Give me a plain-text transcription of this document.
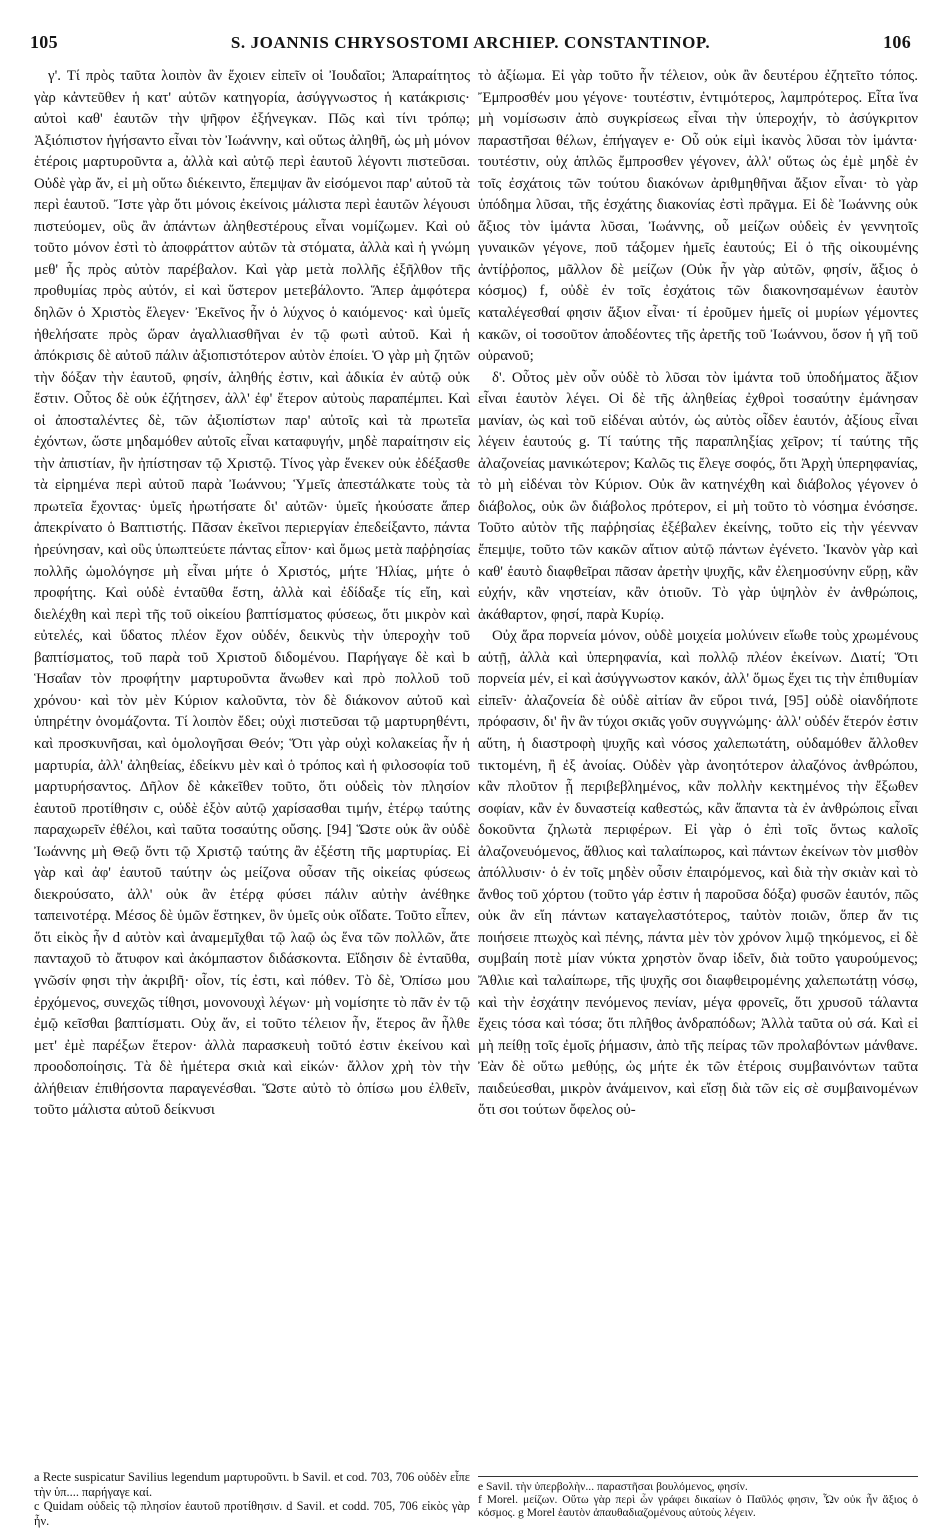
105	S. JOANNIS CHRYSOSTOMI ARCHIEP. CONSTANTINOP.	106

γ'. Τί πρὸς ταῦτα λοιπὸν ἂν ἔχοιεν εἰπεῖν οἱ Ἰουδαῖοι; Ἀπαραίτητος γὰρ κἀντεῦθεν ἡ κατ' αὐτῶν κατηγορία, ἀσύγγνωστος ἡ κατάκρισις· αὐτοὶ καθ' ἑαυτῶν τὴν ψῆφον ἐξήνεγκαν. Πῶς καὶ τίνι τρόπῳ; Ἀξιόπιστον ἡγήσαντο εἶναι τὸν Ἰωάννην, καὶ οὕτως ἀληθῆ, ὡς μὴ μόνον ἑτέροις μαρτυροῦντα a, ἀλλὰ καὶ αὐτῷ περὶ ἑαυτοῦ λέγοντι πιστεῦσαι. Οὐδὲ γὰρ ἄν, εἰ μὴ οὕτω διέκειντο, ἔπεμψαν ἂν εἰσόμενοι παρ' αὐτοῦ τὰ περὶ ἑαυτοῦ. Ἴστε γὰρ ὅτι μόνοις ἐκείνοις μάλιστα περὶ ἑαυτῶν λέγουσι πιστεύομεν, οὓς ἂν ἁπάντων ἀληθεστέρους εἶναι νομίζωμεν. Καὶ οὐ τοῦτο μόνον ἐστὶ τὸ ἀποφράττον αὐτῶν τὰ στόματα, ἀλλὰ καὶ ἡ γνώμη μεθ' ἧς πρὸς αὐτὸν παρέβαλον. Καὶ γὰρ μετὰ πολλῆς ἐξῆλθον τῆς προθυμίας πρὸς αὐτόν, εἰ καὶ ὕστερον μετεβάλοντο. Ἅπερ ἀμφότερα δηλῶν ὁ Χριστὸς ἔλεγεν· Ἐκεῖνος ἦν ὁ λύχνος ὁ καιόμενος· καὶ ὑμεῖς ἠθελήσατε πρὸς ὥραν ἀγαλλιασθῆναι ἐν τῷ φωτὶ αὐτοῦ. Καὶ ἡ ἀπόκρισις δὲ αὐτοῦ πάλιν ἀξιοπιστότερον αὐτὸν ἐποίει. Ὁ γὰρ μὴ ζητῶν τὴν δόξαν τὴν ἑαυτοῦ, φησίν, ἀληθής ἐστιν, καὶ ἀδικία ἐν αὐτῷ οὐκ ἔστιν. Οὗτος δὲ οὐκ ἐζήτησεν, ἀλλ' ἐφ' ἕτερον αὐτοὺς παραπέμπει. Καὶ οἱ ἀποσταλέντες δὲ, τῶν ἀξιοπίστων παρ' αὐτοῖς καὶ τὰ πρωτεῖα ἐχόντων, ὥστε μηδαμόθεν αὐτοῖς εἶναι καταφυγήν, μηδὲ παραίτησιν εἰς τὴν ἀπιστίαν, ἣν ἠπίστησαν τῷ Χριστῷ. Τίνος γὰρ ἕνεκεν οὐκ ἐδέξασθε τὰ εἰρημένα περὶ αὐτοῦ παρὰ Ἰωάννου; Ὑμεῖς ἀπεστάλκατε τοὺς τὰ πρωτεῖα ἔχοντας· ὑμεῖς ἠρωτήσατε δι' αὐτῶν· ὑμεῖς ἠκούσατε ἅπερ ἀπεκρίνατο ὁ Βαπτιστής. Πᾶσαν ἐκεῖνοι περιεργίαν ἐπεδείξαντο, πάντα ἠρεύνησαν, καὶ οὓς ὑπωπτεύετε πάντας εἶπον· καὶ ὅμως μετὰ παῤῥησίας πολλῆς ὡμολόγησε μὴ εἶναι μήτε ὁ Χριστός, μήτε Ἠλίας, μήτε ὁ προφήτης. Καὶ οὐδὲ ἐνταῦθα ἔστη, ἀλλὰ καὶ ἐδίδαξε τίς εἴη, καὶ διελέχθη καὶ περὶ τῆς τοῦ οἰκείου βαπτίσματος φύσεως, ὅτι μικρὸν καὶ εὐτελές, καὶ ὕδατος πλέον ἔχον οὐδέν, δεικνὺς τὴν ὑπεροχὴν τοῦ βαπτίσματος, τοῦ παρὰ τοῦ Χριστοῦ διδομένου. Παρήγαγε δὲ καὶ b Ἡσαΐαν τὸν προφήτην μαρτυροῦντα ἄνωθεν καὶ πρὸ πολλοῦ τοῦ χρόνου· καὶ τὸν μὲν Κύριον καλοῦντα, τὸν δὲ διάκονον αὐτοῦ καὶ ὑπηρέτην ὀνομάζοντα. Τί λοιπὸν ἔδει; οὐχὶ πιστεῦσαι τῷ μαρτυρηθέντι, καὶ προσκυνῆσαι, καὶ ὁμολογῆσαι Θεόν; Ὅτι γὰρ οὐχὶ κολακείας ἦν ἡ μαρτυρία, ἀλλ' ἀληθείας, ἐδείκνυ μὲν καὶ ὁ τρόπος καὶ ἡ φιλοσοφία τοῦ μαρτυρήσαντος. Δῆλον δὲ κἀκεῖθεν τοῦτο, ὅτι οὐδεὶς τὸν πλησίον ἑαυτοῦ προτίθησιν c, οὐδὲ ἐξὸν αὐτῷ χαρίσασθαι τιμήν, ἑτέρῳ ταύτης παραχωρεῖν ἐθέλοι, καὶ ταῦτα τοσαύτης οὔσης. [94] Ὥστε οὐκ ἂν οὐδὲ Ἰωάννης μὴ Θεῷ ὄντι τῷ Χριστῷ ταύτης ἂν ἐξέστη τῆς μαρτυρίας. Εἰ γὰρ καὶ ἀφ' ἑαυτοῦ ταύτην ὡς μείζονα οὖσαν τῆς οἰκείας φύσεως διεκρούσατο, ἀλλ' οὐκ ἂν ἑτέρᾳ φύσει πάλιν αὐτὴν ἀνέθηκε ταπεινοτέρᾳ. Μέσος δὲ ὑμῶν ἕστηκεν, ὃν ὑμεῖς οὐκ οἴδατε. Τοῦτο εἶπεν, ὅτι εἰκὸς ἦν d αὐτὸν καὶ ἀναμεμῖχθαι τῷ λαῷ ὡς ἕνα τῶν πολλῶν, ἅτε πανταχοῦ τὸ ἄτυφον καὶ ἀκόμπαστον διδάσκοντα. Εἴδησιν δὲ ἐνταῦθα, γνῶσίν φησι τὴν ἀκριβῆ· οἷον, τίς ἐστι, καὶ πόθεν. Τὸ δὲ, Ὀπίσω μου ἐρχόμενος, συνεχῶς τίθησι, μονονουχὶ λέγων· μὴ νομίσητε τὸ πᾶν ἐν τῷ ἐμῷ κεῖσθαι βαπτίσματι. Οὐχ ἄν, εἰ τοῦτο τέλειον ἦν, ἕτερος ἂν ἦλθε μετ' ἐμὲ παρέξων ἕτερον· ἀλλὰ παρασκευὴ τοῦτό ἐστιν ἐκείνου καὶ προοδοποίησις. Τὰ δὲ ἡμέτερα σκιὰ καὶ εἰκών· ἄλλον χρὴ τὸν τὴν ἀλήθειαν ἐπιθήσοντα παραγενέσθαι. Ὥστε αὐτὸ τὸ ὀπίσω μου ἐλθεῖν, τοῦτο μάλιστα αὐτοῦ δείκνυσι

τὸ ἀξίωμα. Εἰ γὰρ τοῦτο ἦν τέλειον, οὐκ ἂν δευτέρου ἐζητεῖτο τόπος. Ἔμπροσθέν μου γέγονε· τουτέστιν, ἐντιμότερος, λαμπρότερος. Εἶτα ἵνα μὴ νομίσωσιν ἀπὸ συγκρίσεως εἶναι τὴν ὑπεροχήν, τὸ ἀσύγκριτον παραστῆσαι θέλων, ἐπήγαγεν e· Οὗ οὐκ εἰμὶ ἱκανὸς λῦσαι τὸν ἱμάντα· τουτέστιν, οὐχ ἁπλῶς ἔμπροσθεν γέγονεν, ἀλλ' οὕτως ὡς ἐμὲ μηδὲ ἐν τοῖς ἐσχάτοις τῶν τούτου διακόνων ἀριθμηθῆναι ἄξιον εἶναι· τὸ γὰρ ὑπόδημα λῦσαι, τῆς ἐσχάτης διακονίας ἐστὶ πρᾶγμα. Εἰ δὲ Ἰωάννης οὐκ ἄξιος τὸν ἱμάντα λῦσαι, Ἰωάννης, οὗ μείζων οὐδεὶς ἐν γεννητοῖς γυναικῶν γέγονε, ποῦ τάξομεν ἡμεῖς ἑαυτούς; Εἰ ὁ τῆς οἰκουμένης ἀντίῤῥοπος, μᾶλλον δὲ μείζων (Οὐκ ἦν γὰρ αὐτῶν, φησίν, ἄξιος ὁ κόσμος) f, οὐδὲ ἐν τοῖς ἐσχάτοις τῶν διακονησαμένων ἑαυτὸν καταλέγεσθαί φησιν ἄξιον εἶναι· τί ἐροῦμεν ἡμεῖς οἱ μυρίων γέμοντες κακῶν, οἱ τοσοῦτον ἀποδέοντες τῆς ἀρετῆς τοῦ Ἰωάννου, ὅσον ἡ γῆ τοῦ οὐρανοῦ;

δ'. Οὗτος μὲν οὖν οὐδὲ τὸ λῦσαι τὸν ἱμάντα τοῦ ὑποδήματος ἄξιον εἶναι ἑαυτὸν λέγει. Οἱ δὲ τῆς ἀληθείας ἐχθροὶ τοσαύτην ἐμάνησαν μανίαν, ὡς καὶ τοῦ εἰδέναι αὐτόν, ὡς αὐτὸς οἶδεν ἑαυτόν, ἀξίους εἶναι λέγειν ἑαυτούς g. Τί ταύτης τῆς παραπληξίας χεῖρον; τί ταύτης τῆς ἀλαζονείας μανικώτερον; Καλῶς τις ἔλεγε σοφός, ὅτι Ἀρχὴ ὑπερηφανίας, τὸ μὴ εἰδέναι τὸν Κύριον. Οὐκ ἂν κατηνέχθη καὶ διάβολος γέγονεν ὁ διάβολος, οὐκ ὢν διάβολος πρότερον, εἰ μὴ τοῦτο τὸ νόσημα ἐνόσησε. Τοῦτο αὐτὸν τῆς παῤῥησίας ἐξέβαλεν ἐκείνης, τοῦτο εἰς τὴν γέενναν ἔπεμψε, τοῦτο τῶν κακῶν αἴτιον αὐτῷ πάντων ἐγένετο. Ἱκανὸν γὰρ καὶ καθ' ἑαυτὸ διαφθεῖραι πᾶσαν ἀρετὴν ψυχῆς, κἂν ἐλεημοσύνην εὕρῃ, κἂν εὐχήν, κἂν νηστείαν, κἂν ὁτιοῦν. Τὸ γὰρ ὑψηλὸν ἐν ἀνθρώποις, ἀκάθαρτον, φησί, παρὰ Κυρίῳ.

Οὐχ ἅρα πορνεία μόνον, οὐδὲ μοιχεία μολύνειν εἴωθε τοὺς χρωμένους αὐτῇ, ἀλλὰ καὶ ὑπερηφανία, καὶ πολλῷ πλέον ἐκείνων. Διατί; Ὅτι πορνεία μέν, εἰ καὶ ἀσύγγνωστον κακόν, ἀλλ' ὅμως ἔχει τις τὴν ἐπιθυμίαν εἰπεῖν· ἀλαζονεία δὲ οὐδὲ αἰτίαν ἂν εὕροι τινά, [95] οὐδὲ οἱανδήποτε πρόφασιν, δι' ἣν ἂν τύχοι σκιᾶς γοῦν συγγνώμης· ἀλλ' οὐδέν ἕτερόν ἐστιν αὕτη, ἡ διαστροφὴ ψυχῆς καὶ νόσος χαλεπωτάτη, οὐδαμόθεν ἄλλοθεν τικτομένη, ἢ ἐξ ἀνοίας. Οὐδὲν γὰρ ἀνοητότερον ἀλαζόνος ἀνθρώπου, κἂν πλοῦτον ᾖ περιβεβλημένος, κἂν πολλὴν κεκτημένος τὴν ἔξωθεν σοφίαν, κἂν ἐν δυναστείᾳ καθεστώς, κἂν ἅπαντα τὰ ἐν ἀνθρώποις εἶναι δοκοῦντα ζηλωτὰ περιφέρων. Εἰ γὰρ ὁ ἐπὶ τοῖς ὄντως καλοῖς ἀλαζονευόμενος, ἄθλιος καὶ ταλαίπωρος, καὶ πάντων ἐκείνων τὸν μισθὸν ἀπόλλυσιν· ὁ ἐν τοῖς μηδὲν οὖσιν ἐπαιρόμενος, καὶ διὰ τὴν σκιὰν καὶ τὸ ἄνθος τοῦ χόρτου (τοῦτο γάρ ἐστιν ἡ παροῦσα δόξα) φυσῶν ἑαυτόν, πῶς οὐκ ἂν εἴη πάντων καταγελαστότερος, ταὐτὸν ποιῶν, ὅπερ ἄν τις ποιήσειε πτωχὸς καὶ πένης, πάντα μὲν τὸν χρόνον λιμῷ τηκόμενος, εἰ δὲ συμβαίη ποτὲ μίαν νύκτα χρηστὸν ὄναρ ἰδεῖν, διὰ τοῦτο γαυρούμενος; Ἄθλιε καὶ ταλαίπωρε, τῆς ψυχῆς σοι διαφθειρομένης χαλεπωτάτῃ νόσῳ, καὶ τὴν ἐσχάτην πενόμενος πενίαν, μέγα φρονεῖς, ὅτι χρυσοῦ τάλαντα ἔχεις τόσα καὶ τόσα; ὅτι πλῆθος ἀνδραπόδων; Ἀλλὰ ταῦτα οὐ σά. Καὶ εἰ μὴ πείθῃ τοῖς ἐμοῖς ῥήμασιν, ἀπὸ τῆς πείρας τῶν προλαβόντων μάνθανε. Ἐὰν δὲ οὕτω μεθύῃς, ὡς μήτε ἐκ τῶν ἑτέροις συμβαινόντων ταῦτα παιδεύεσθαι, μικρὸν ἀνάμεινον, καὶ εἴσῃ διὰ τῶν εἰς σὲ συμβαινομένων ὅτι σοι τούτων ὄφελος οὐ-

a Recte suspicatur Savilius legendum μαρτυροῦντι. b Savil. et cod. 703, 706 οὐδὲν εἶπε τὴν ὑπ.... παρήγαγε καί.

c Quidam οὐδεὶς τῷ πλησίον ἑαυτοῦ προτίθησιν. d Savil. et codd. 705, 706 εἰκὸς γὰρ ἦν.

e Savil. τὴν ὑπερβολὴν... παραστῆσαι βουλόμενος, φησίν.

f Morel. μείζων. Οὕτω γὰρ περὶ ὧν γράφει δικαίων ὁ Παῦλός φησιν, Ὧν οὐκ ἦν ἄξιος ὁ κόσμος. g Morel ἑαυτὸν ἀπαυθαδιαζομένους αὐτοὺς λέγειν.
